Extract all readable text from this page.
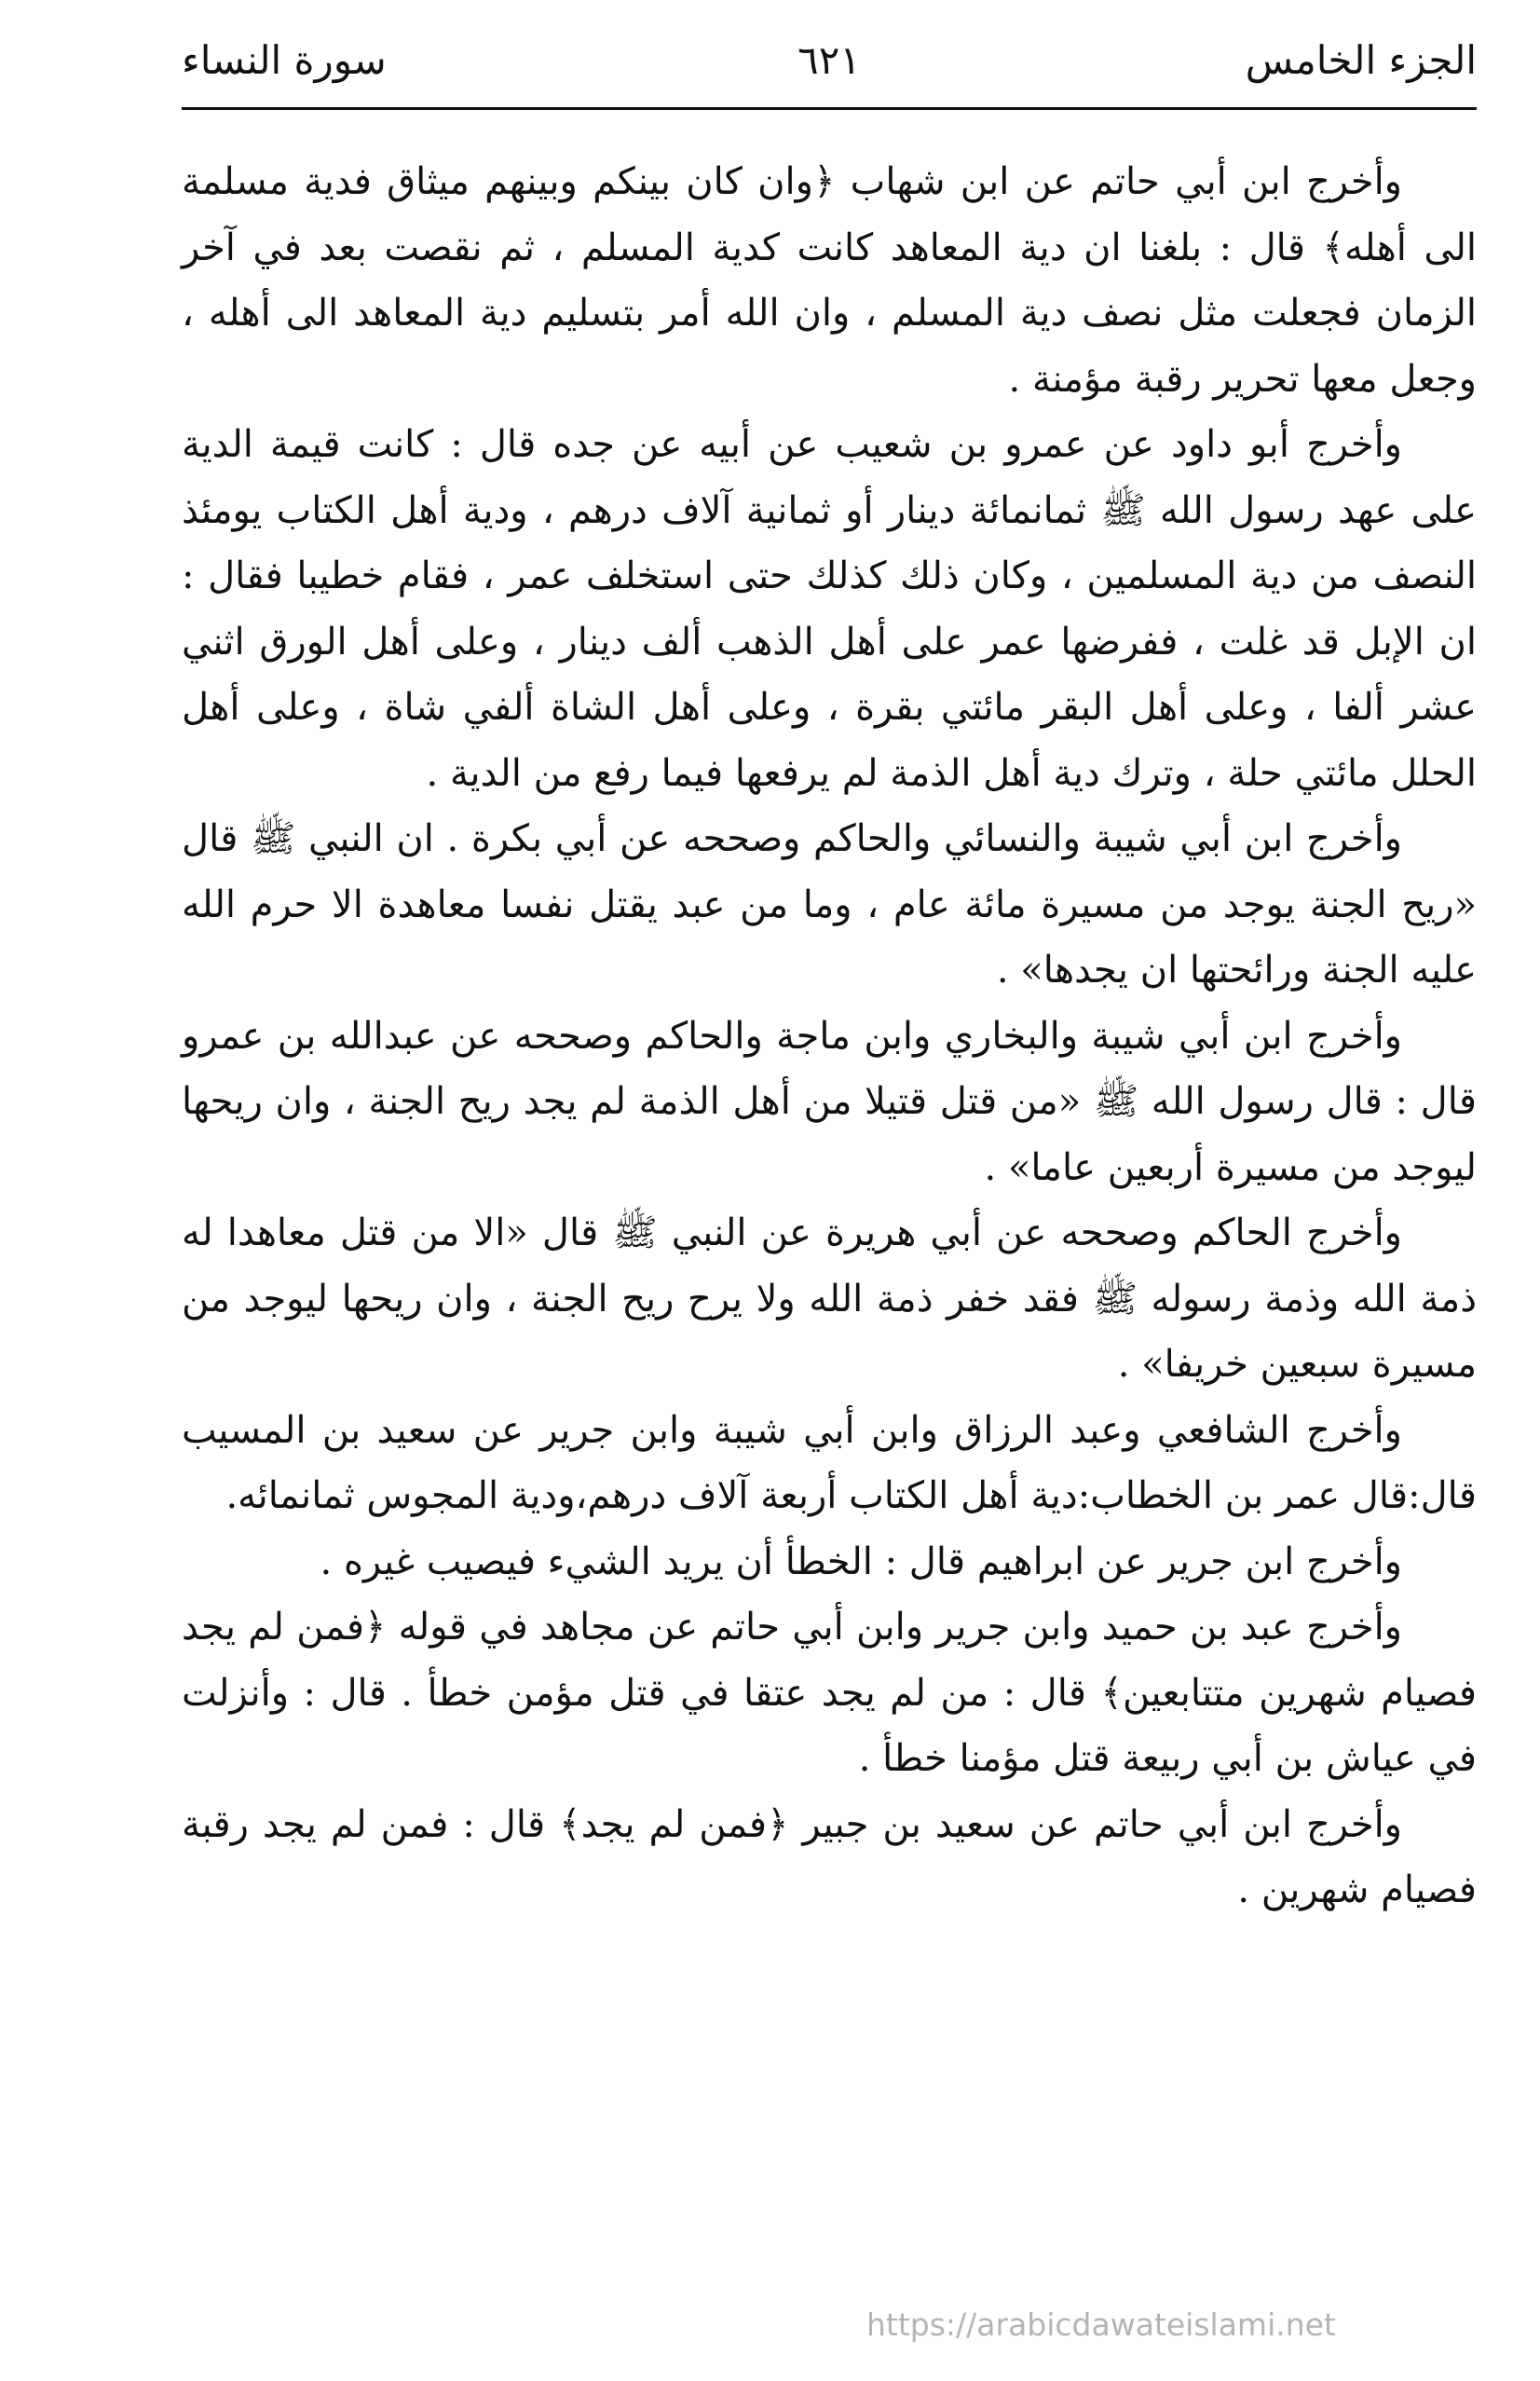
الجزء الخامس
٦٢١
سورة النساء

وأخرج ابن أبي حاتم عن ابن شهاب ﴿وان كان بينكم وبينهم ميثاق فدية مسلمة الى أهله﴾ قال : بلغنا ان دية المعاهد كانت كدية المسلم ، ثم نقصت بعد في آخر الزمان فجعلت مثل نصف دية المسلم ، وان الله أمر بتسليم دية المعاهد الى أهله ، وجعل معها تحرير رقبة مؤمنة .

وأخرج أبو داود عن عمرو بن شعيب عن أبيه عن جده قال : كانت قيمة الدية على عهد رسول الله ﷺ ثمانمائة دينار أو ثمانية آلاف درهم ، ودية أهل الكتاب يومئذ النصف من دية المسلمين ، وكان ذلك كذلك حتى استخلف عمر ، فقام خطيبا فقال : ان الإبل قد غلت ، ففرضها عمر على أهل الذهب ألف دينار ، وعلى أهل الورق اثني عشر ألفا ، وعلى أهل البقر مائتي بقرة ، وعلى أهل الشاة ألفي شاة ، وعلى أهل الحلل مائتي حلة ، وترك دية أهل الذمة لم يرفعها فيما رفع من الدية .

وأخرج ابن أبي شيبة والنسائي والحاكم وصححه عن أبي بكرة . ان النبي ﷺ قال «ريح الجنة يوجد من مسيرة مائة عام ، وما من عبد يقتل نفسا معاهدة الا حرم الله عليه الجنة ورائحتها ان يجدها» .

وأخرج ابن أبي شيبة والبخاري وابن ماجة والحاكم وصححه عن عبدالله بن عمرو قال : قال رسول الله ﷺ «من قتل قتيلا من أهل الذمة لم يجد ريح الجنة ، وان ريحها ليوجد من مسيرة أربعين عاما» .

وأخرج الحاكم وصححه عن أبي هريرة عن النبي ﷺ قال «الا من قتل معاهدا له ذمة الله وذمة رسوله ﷺ فقد خفر ذمة الله ولا يرح ريح الجنة ، وان ريحها ليوجد من مسيرة سبعين خريفا» .

وأخرج الشافعي وعبد الرزاق وابن أبي شيبة وابن جرير عن سعيد بن المسيب قال:قال عمر بن الخطاب:دية أهل الكتاب أربعة آلاف درهم،ودية المجوس ثمانمائه.

وأخرج ابن جرير عن ابراهيم قال : الخطأ أن يريد الشيء فيصيب غيره .

وأخرج عبد بن حميد وابن جرير وابن أبي حاتم عن مجاهد في قوله ﴿فمن لم يجد فصيام شهرين متتابعين﴾ قال : من لم يجد عتقا في قتل مؤمن خطأ . قال : وأنزلت في عياش بن أبي ربيعة قتل مؤمنا خطأ .

وأخرج ابن أبي حاتم عن سعيد بن جبير ﴿فمن لم يجد﴾ قال : فمن لم يجد رقبة فصيام شهرين .

https://arabicdawateislami.net
